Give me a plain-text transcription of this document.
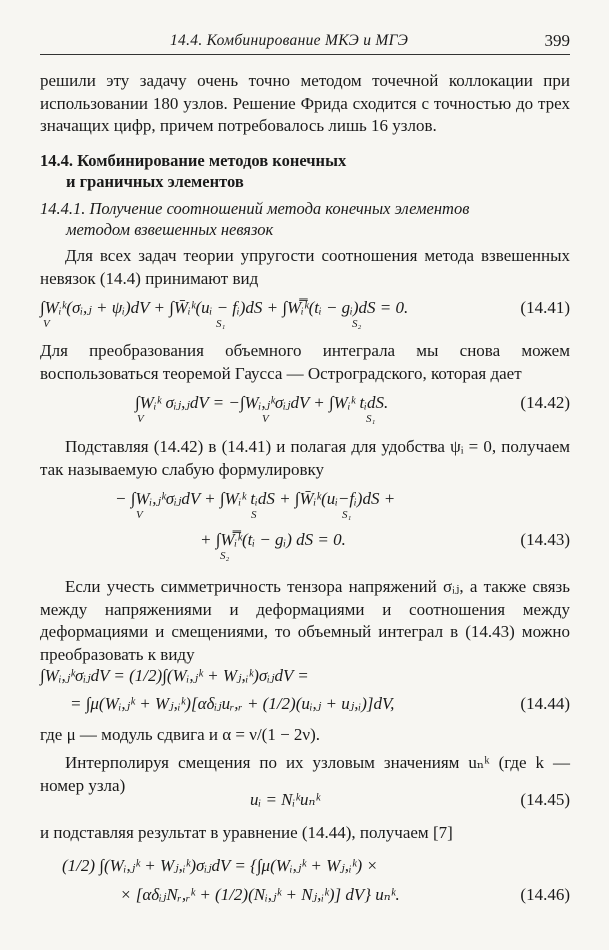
14.4. Комбинирование МКЭ и МГЭ	399
решили эту задачу очень точно методом точечной коллокации при использовании 180 узлов. Решение Фрида сходится с точностью до трех значащих цифр, причем потребовалось лишь 16 узлов.
14.4. Комбинирование методов конечных
и граничных элементов
14.4.1. Получение соотношений метода конечных элементов
методом взвешенных невязок
Для всех задач теории упругости соотношения метода взвешенных невязок (14.4) принимают вид
∫Wᵢᵏ(σᵢ,ⱼ + ψᵢ)dV + ∫W̄ᵢᵏ(uᵢ − fᵢ)dS + ∫W̿ᵢᵏ(tᵢ − gᵢ)dS = 0.	(14.41)
V	S₁	S₂
Для преобразования объемного интеграла мы снова можем воспользоваться теоремой Гаусса — Остроградского, которая дает
∫Wᵢᵏ σᵢⱼ,ⱼdV = −∫Wᵢ,ⱼᵏσᵢⱼdV + ∫Wᵢᵏ tᵢdS.	(14.42)
V	V	S₁
Подставляя (14.42) в (14.41) и полагая для удобства ψᵢ = 0, получаем так называемую слабую формулировку
− ∫Wᵢ,ⱼᵏσᵢⱼdV + ∫Wᵢᵏ tᵢdS + ∫W̄ᵢᵏ(uᵢ−fᵢ)dS +
V	S	S₁
+ ∫W̿ᵢᵏ(tᵢ − gᵢ) dS = 0.	(14.43)
S₂
Если учесть симметричность тензора напряжений σᵢⱼ, а также связь между напряжениями и деформациями и соотношения между деформациями и смещениями, то объемный интеграл в (14.43) можно преобразовать к виду
∫Wᵢ,ⱼᵏσᵢⱼdV = (1/2)∫(Wᵢ,ⱼᵏ + Wⱼ,ᵢᵏ)σᵢⱼdV =
= ∫μ(Wᵢ,ⱼᵏ + Wⱼ,ᵢᵏ)[αδᵢⱼuᵣ,ᵣ + (1/2)(uᵢ,ⱼ + uⱼ,ᵢ)]dV,	(14.44)
где μ — модуль сдвига и α = ν/(1 − 2ν).
Интерполируя смещения по их узловым значениям uₙᵏ (где k — номер узла)
uᵢ = Nᵢᵏuₙᵏ	(14.45)
и подставляя результат в уравнение (14.44), получаем [7]
(1/2) ∫(Wᵢ,ⱼᵏ + Wⱼ,ᵢᵏ)σᵢⱼdV = {∫μ(Wᵢ,ⱼᵏ + Wⱼ,ᵢᵏ) ×
× [αδᵢⱼNᵣ,ᵣᵏ + (1/2)(Nᵢ,ⱼᵏ + Nⱼ,ᵢᵏ)] dV} uₙᵏ.	(14.46)
